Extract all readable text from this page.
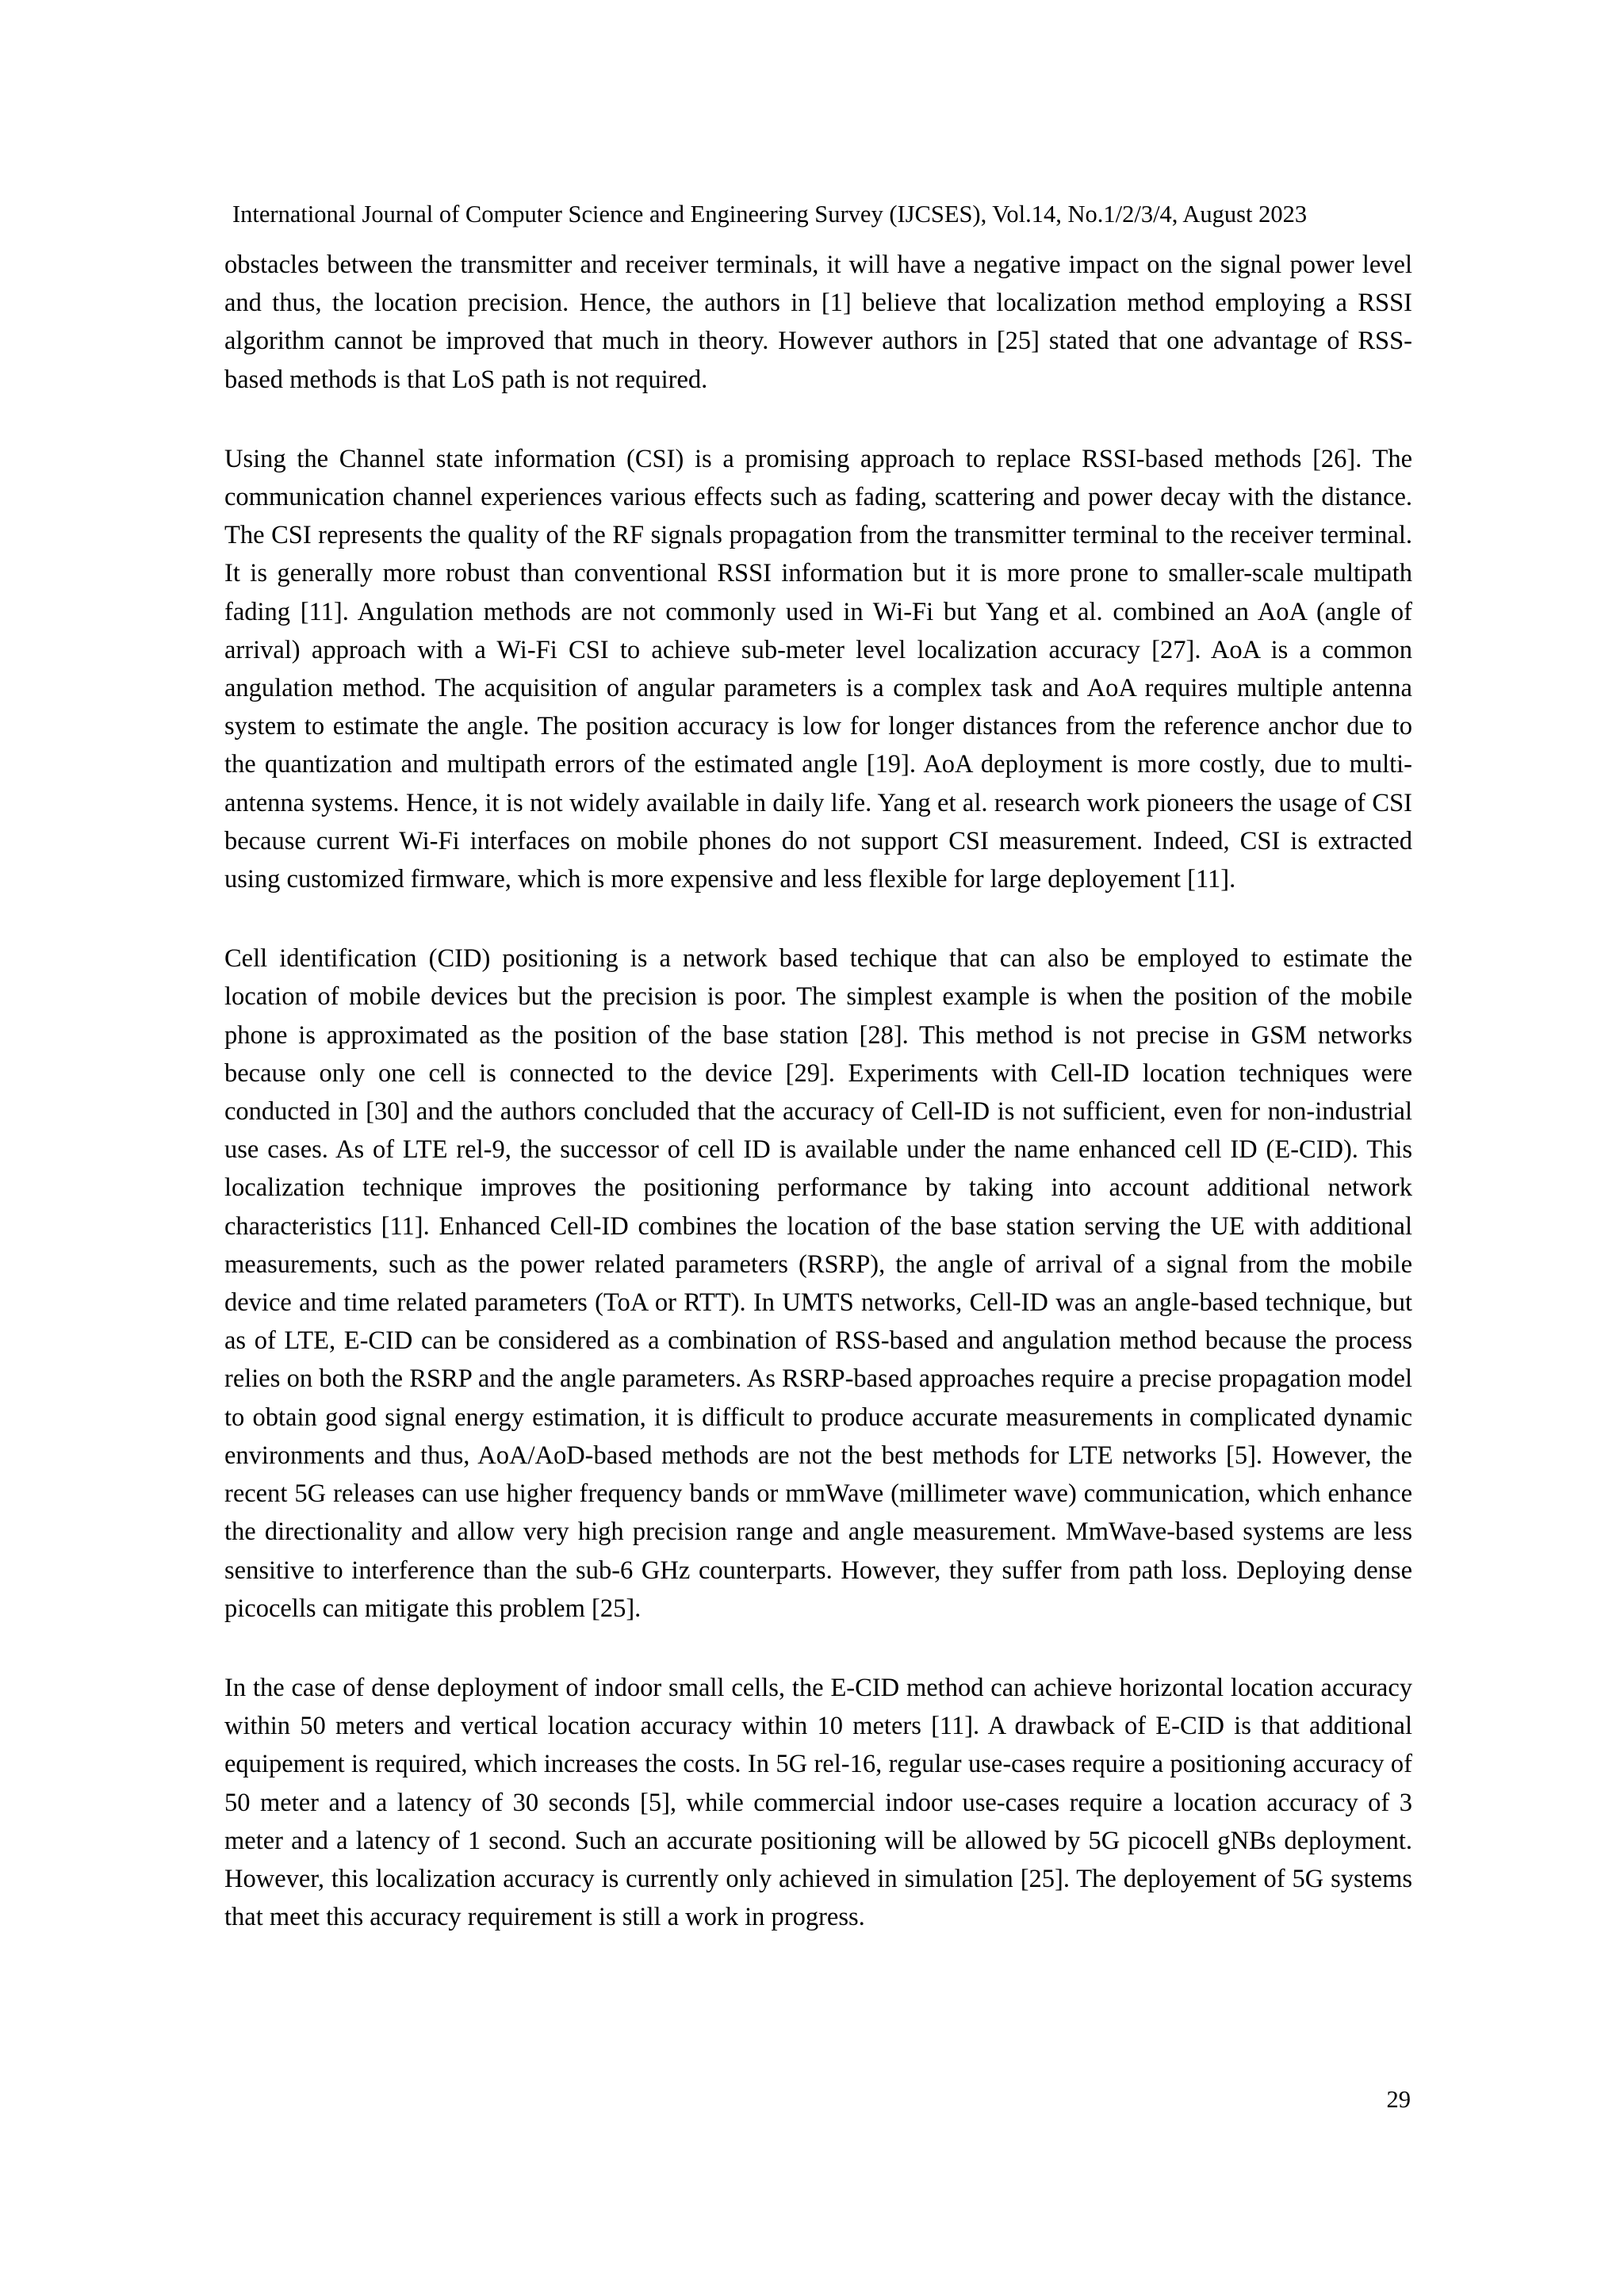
International Journal of Computer Science and Engineering Survey (IJCSES), Vol.14, No.1/2/3/4, August 2023

obstacles between the transmitter and receiver terminals, it will have a negative impact on the signal power level and thus, the location precision. Hence, the authors in [1] believe that localization method employing a RSSI algorithm cannot be improved that much in theory. However authors in [25] stated that one advantage of RSS-based methods is that LoS path is not required.

Using the Channel state information (CSI) is a promising approach to replace RSSI-based methods [26]. The communication channel experiences various effects such as fading, scattering and power decay with the distance. The CSI represents the quality of the RF signals propagation from the transmitter terminal to the receiver terminal. It is generally more robust than conventional RSSI information but it is more prone to smaller-scale multipath fading [11]. Angulation methods are not commonly used in Wi-Fi but Yang et al. combined an AoA (angle of arrival) approach with a Wi-Fi CSI to achieve sub-meter level localization accuracy [27]. AoA is a common angulation method. The acquisition of angular parameters is a complex task and AoA requires multiple antenna system to estimate the angle. The position accuracy is low for longer distances from the reference anchor due to the quantization and multipath errors of the estimated angle [19]. AoA deployment is more costly, due to multi-antenna systems. Hence, it is not widely available in daily life. Yang et al. research work pioneers the usage of CSI because current Wi-Fi interfaces on mobile phones do not support CSI measurement. Indeed, CSI is extracted using customized firmware, which is more expensive and less flexible for large deployement [11].

Cell identification (CID) positioning is a network based techique that can also be employed to estimate the location of mobile devices but the precision is poor. The simplest example is when the position of the mobile phone is approximated as the position of the base station [28]. This method is not precise in GSM networks because only one cell is connected to the device [29]. Experiments with Cell-ID location techniques were conducted in [30] and the authors concluded that the accuracy of Cell-ID is not sufficient, even for non-industrial use cases. As of LTE rel-9, the successor of cell ID is available under the name enhanced cell ID (E-CID). This localization technique improves the positioning performance by taking into account additional network characteristics [11]. Enhanced Cell-ID combines the location of the base station serving the UE with additional measurements, such as the power related parameters (RSRP), the angle of arrival of a signal from the mobile device and time related parameters (ToA or RTT). In UMTS networks, Cell-ID was an angle-based technique, but as of LTE, E-CID can be considered as a combination of RSS-based and angulation method because the process relies on both the RSRP and the angle parameters. As RSRP-based approaches require a precise propagation model to obtain good signal energy estimation, it is difficult to produce accurate measurements in complicated dynamic environments and thus, AoA/AoD-based methods are not the best methods for LTE networks [5]. However, the recent 5G releases can use higher frequency bands or mmWave (millimeter wave) communication, which enhance the directionality and allow very high precision range and angle measurement. MmWave-based systems are less sensitive to interference than the sub-6 GHz counterparts. However, they suffer from path loss. Deploying dense picocells can mitigate this problem [25].

In the case of dense deployment of indoor small cells, the E-CID method can achieve horizontal location accuracy within 50 meters and vertical location accuracy within 10 meters [11]. A drawback of E-CID is that additional equipement is required, which increases the costs. In 5G rel-16, regular use-cases require a positioning accuracy of 50 meter and a latency of 30 seconds [5], while commercial indoor use-cases require a location accuracy of 3 meter and a latency of 1 second. Such an accurate positioning will be allowed by 5G picocell gNBs deployment. However, this localization accuracy is currently only achieved in simulation [25]. The deployement of 5G systems that meet this accuracy requirement is still a work in progress.

29
